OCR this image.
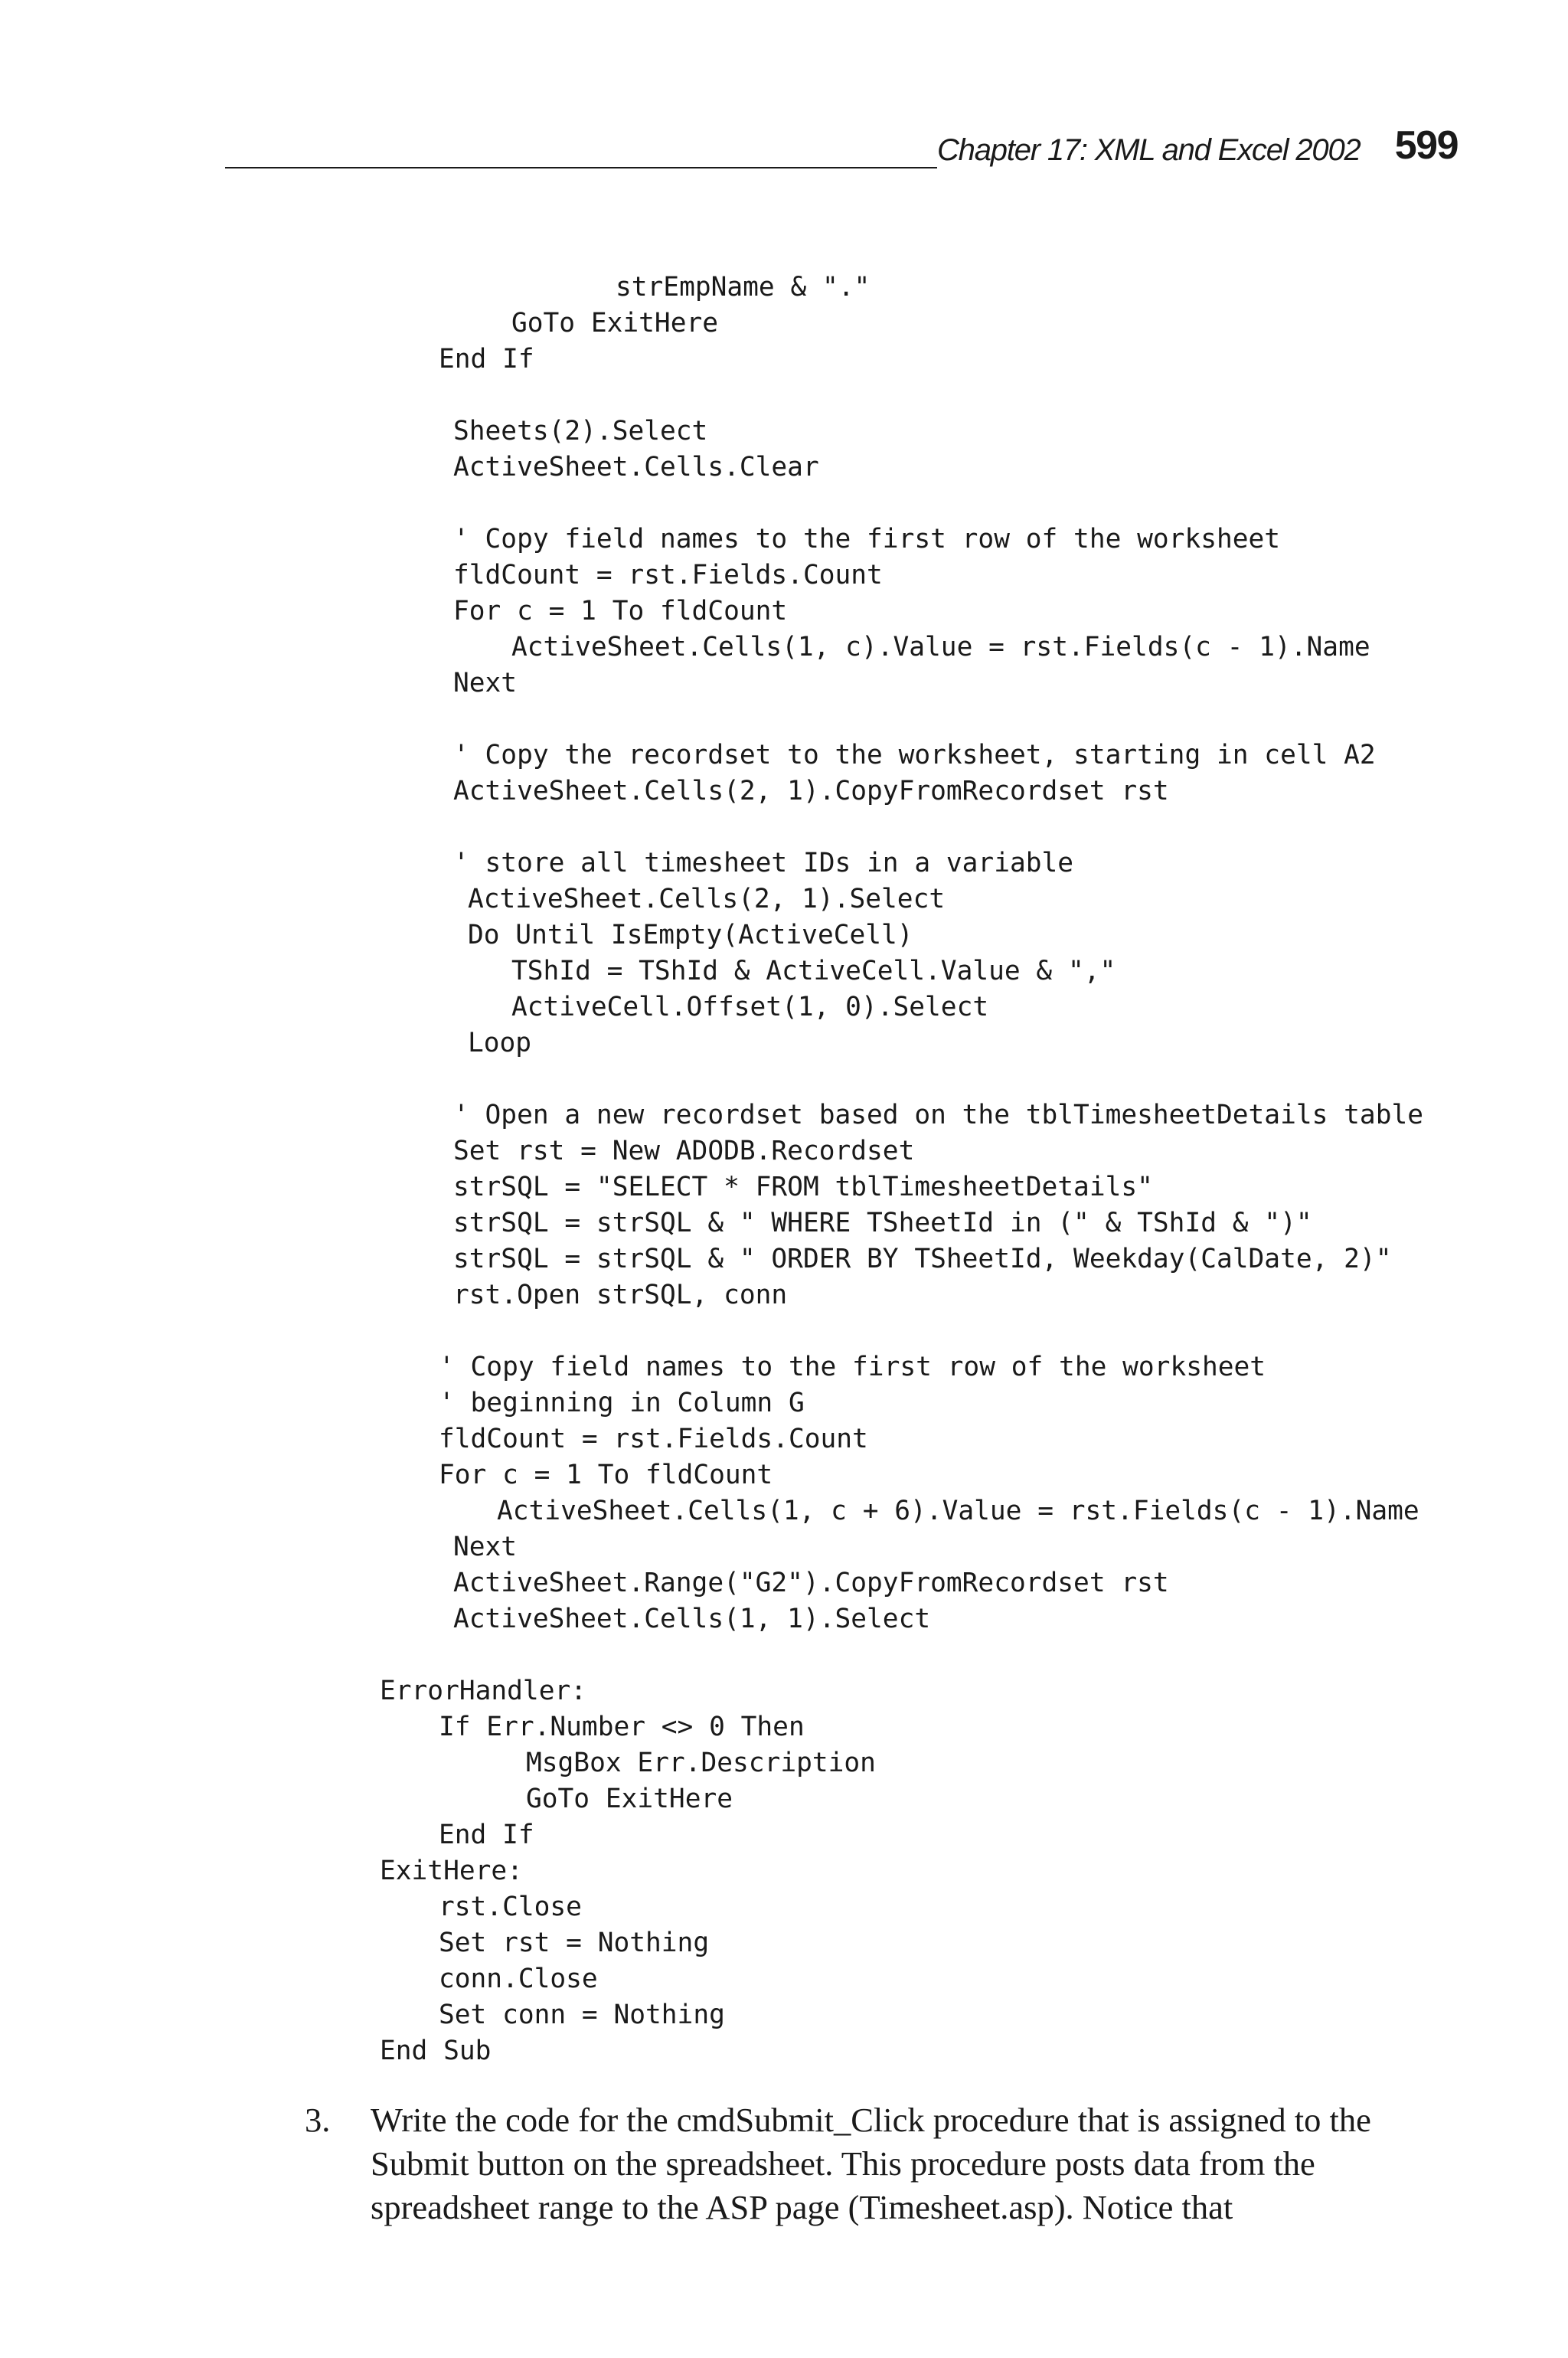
Chapter 17: XML and Excel 2002 599
strEmpName & "."
GoTo ExitHere
End If
Sheets(2).Select
ActiveSheet.Cells.Clear
' Copy field names to the first row of the worksheet
fldCount = rst.Fields.Count
For c = 1 To fldCount
ActiveSheet.Cells(1, c).Value = rst.Fields(c - 1).Name
Next
' Copy the recordset to the worksheet, starting in cell A2
ActiveSheet.Cells(2, 1).CopyFromRecordset rst
' store all timesheet IDs in a variable
ActiveSheet.Cells(2, 1).Select
Do Until IsEmpty(ActiveCell)
TShId = TShId & ActiveCell.Value & ","
ActiveCell.Offset(1, 0).Select
Loop
' Open a new recordset based on the tblTimesheetDetails table
Set rst = New ADODB.Recordset
strSQL = "SELECT * FROM tblTimesheetDetails"
strSQL = strSQL & " WHERE TSheetId in (" & TShId & ")"
strSQL = strSQL & " ORDER BY TSheetId, Weekday(CalDate, 2)"
rst.Open strSQL, conn
' Copy field names to the first row of the worksheet
' beginning in Column G
fldCount = rst.Fields.Count
For c = 1 To fldCount
ActiveSheet.Cells(1, c + 6).Value = rst.Fields(c - 1).Name
Next
ActiveSheet.Range("G2").CopyFromRecordset rst
ActiveSheet.Cells(1, 1).Select
ErrorHandler:
If Err.Number <> 0 Then
MsgBox Err.Description
GoTo ExitHere
End If
ExitHere:
rst.Close
Set rst = Nothing
conn.Close
Set conn = Nothing
End Sub
3. Write the code for the cmdSubmit_Click procedure that is assigned to the Submit button on the spreadsheet. This procedure posts data from the spreadsheet range to the ASP page (Timesheet.asp). Notice that
